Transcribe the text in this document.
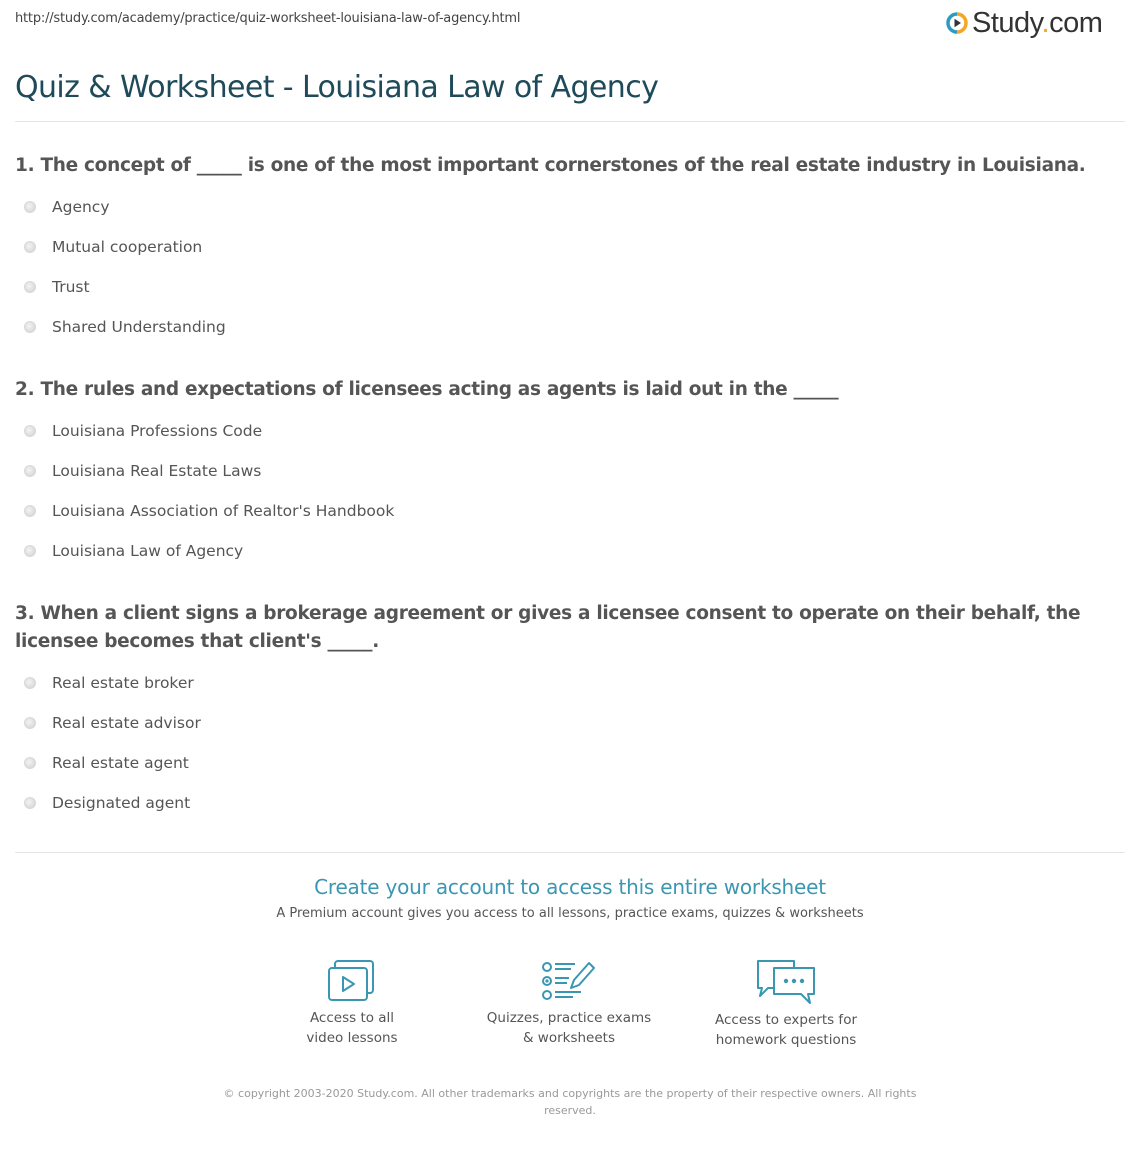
http://study.com/academy/practice/quiz-worksheet-louisiana-law-of-agency.html	Study.com
Quiz & Worksheet - Louisiana Law of Agency
1. The concept of _____ is one of the most important cornerstones of the real estate industry in Louisiana.
Agency
Mutual cooperation
Trust
Shared Understanding
2. The rules and expectations of licensees acting as agents is laid out in the _____
Louisiana Professions Code
Louisiana Real Estate Laws
Louisiana Association of Realtor's Handbook
Louisiana Law of Agency
3. When a client signs a brokerage agreement or gives a licensee consent to operate on their behalf, the licensee becomes that client's _____.
Real estate broker
Real estate advisor
Real estate agent
Designated agent
Create your account to access this entire worksheet
A Premium account gives you access to all lessons, practice exams, quizzes & worksheets
Access to all
video lessons
Quizzes, practice exams
& worksheets
Access to experts for
homework questions
© copyright 2003-2020 Study.com. All other trademarks and copyrights are the property of their respective owners. All rights reserved.
